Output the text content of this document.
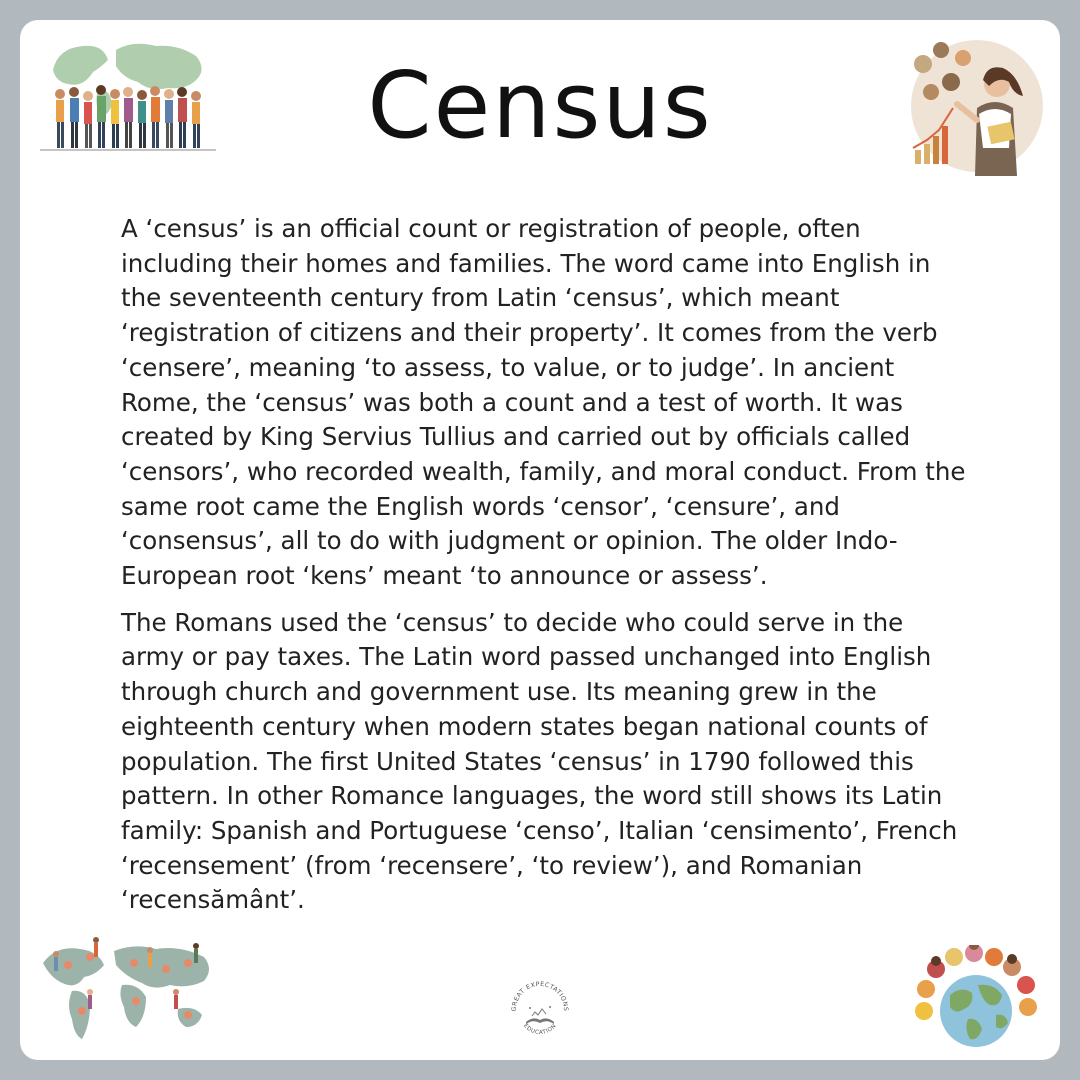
Census

A ‘census’ is an official count or registration of people, often including their homes and families. The word came into English in the seventeenth century from Latin ‘census’, which meant ‘registration of citizens and their property’. It comes from the verb ‘censere’, meaning ‘to assess, to value, or to judge’. In ancient Rome, the ‘census’ was both a count and a test of worth. It was created by King Servius Tullius and carried out by officials called ‘censors’, who recorded wealth, family, and moral conduct. From the same root came the English words ‘censor’, ‘censure’, and ‘consensus’, all to do with judgment or opinion. The older Indo-European root ‘kens’ meant ‘to announce or assess’.

The Romans used the ‘census’ to decide who could serve in the army or pay taxes. The Latin word passed unchanged into English through church and government use. Its meaning grew in the eighteenth century when modern states began national counts of population. The first United States ‘census’ in 1790 followed this pattern. In other Romance languages, the word still shows its Latin family: Spanish and Portuguese ‘censo’, Italian ‘censimento’, French ‘recensement’ (from ‘recensere’, ‘to review’), and Romanian ‘recensământ’.

GREAT EXPECTATIONS
EDUCATION
